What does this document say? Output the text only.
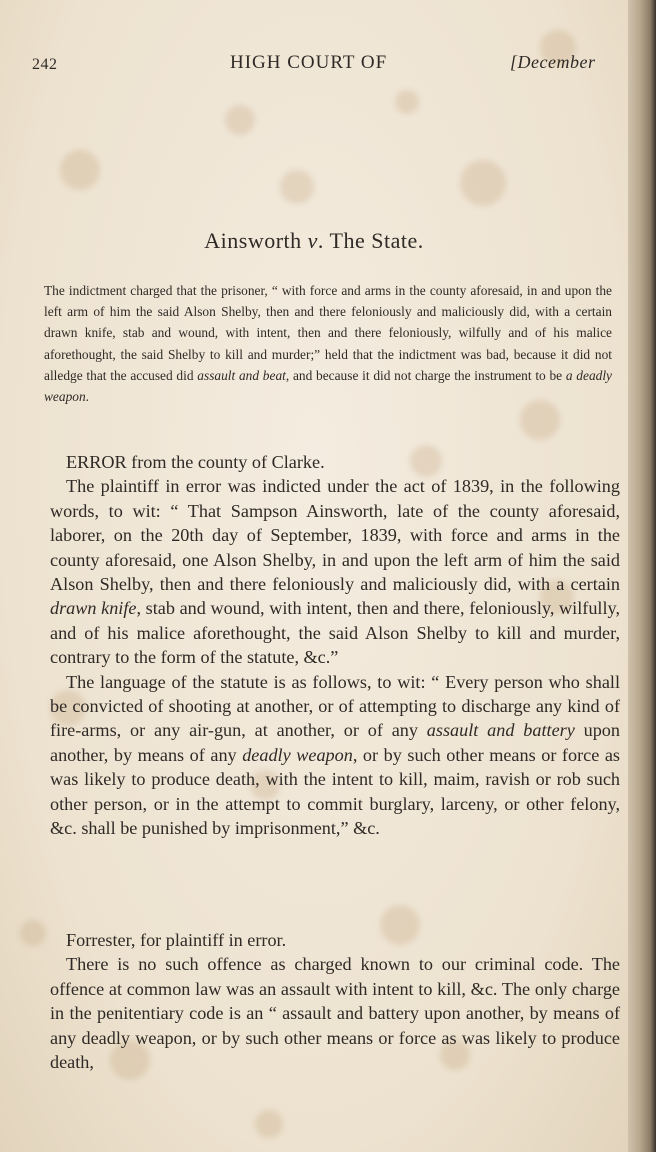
242	HIGH COURT OF	[December
Ainsworth v. The State.
The indictment charged that the prisoner, “ with force and arms in the county aforesaid, in and upon the left arm of him the said Alson Shelby, then and there feloniously and maliciously did, with a certain drawn knife, stab and wound, with intent, then and there feloniously, wilfully and of his malice aforethought, the said Shelby to kill and murder;” held that the indictment was bad, because it did not alledge that the accused did assault and beat, and because it did not charge the instrument to be a deadly weapon.

ERROR from the county of Clarke.

The plaintiff in error was indicted under the act of 1839, in the following words, to wit: “ That Sampson Ainsworth, late of the county aforesaid, laborer, on the 20th day of September, 1839, with force and arms in the county aforesaid, one Alson Shelby, in and upon the left arm of him the said Alson Shelby, then and there feloniously and maliciously did, with a certain drawn knife, stab and wound, with intent, then and there, feloniously, wilfully, and of his malice aforethought, the said Alson Shelby to kill and murder, contrary to the form of the statute, &c.”

The language of the statute is as follows, to wit: “ Every person who shall be convicted of shooting at another, or of attempting to discharge any kind of fire-arms, or any air-gun, at another, or of any assault and battery upon another, by means of any deadly weapon, or by such other means or force as was likely to produce death, with the intent to kill, maim, ravish or rob such other person, or in the attempt to commit burglary, larceny, or other felony, &c. shall be punished by imprisonment,” &c.

Forrester, for plaintiff in error.

There is no such offence as charged known to our criminal code. The offence at common law was an assault with intent to kill, &c. The only charge in the penitentiary code is an “ assault and battery upon another, by means of any deadly weapon, or by such other means or force as was likely to produce death,
